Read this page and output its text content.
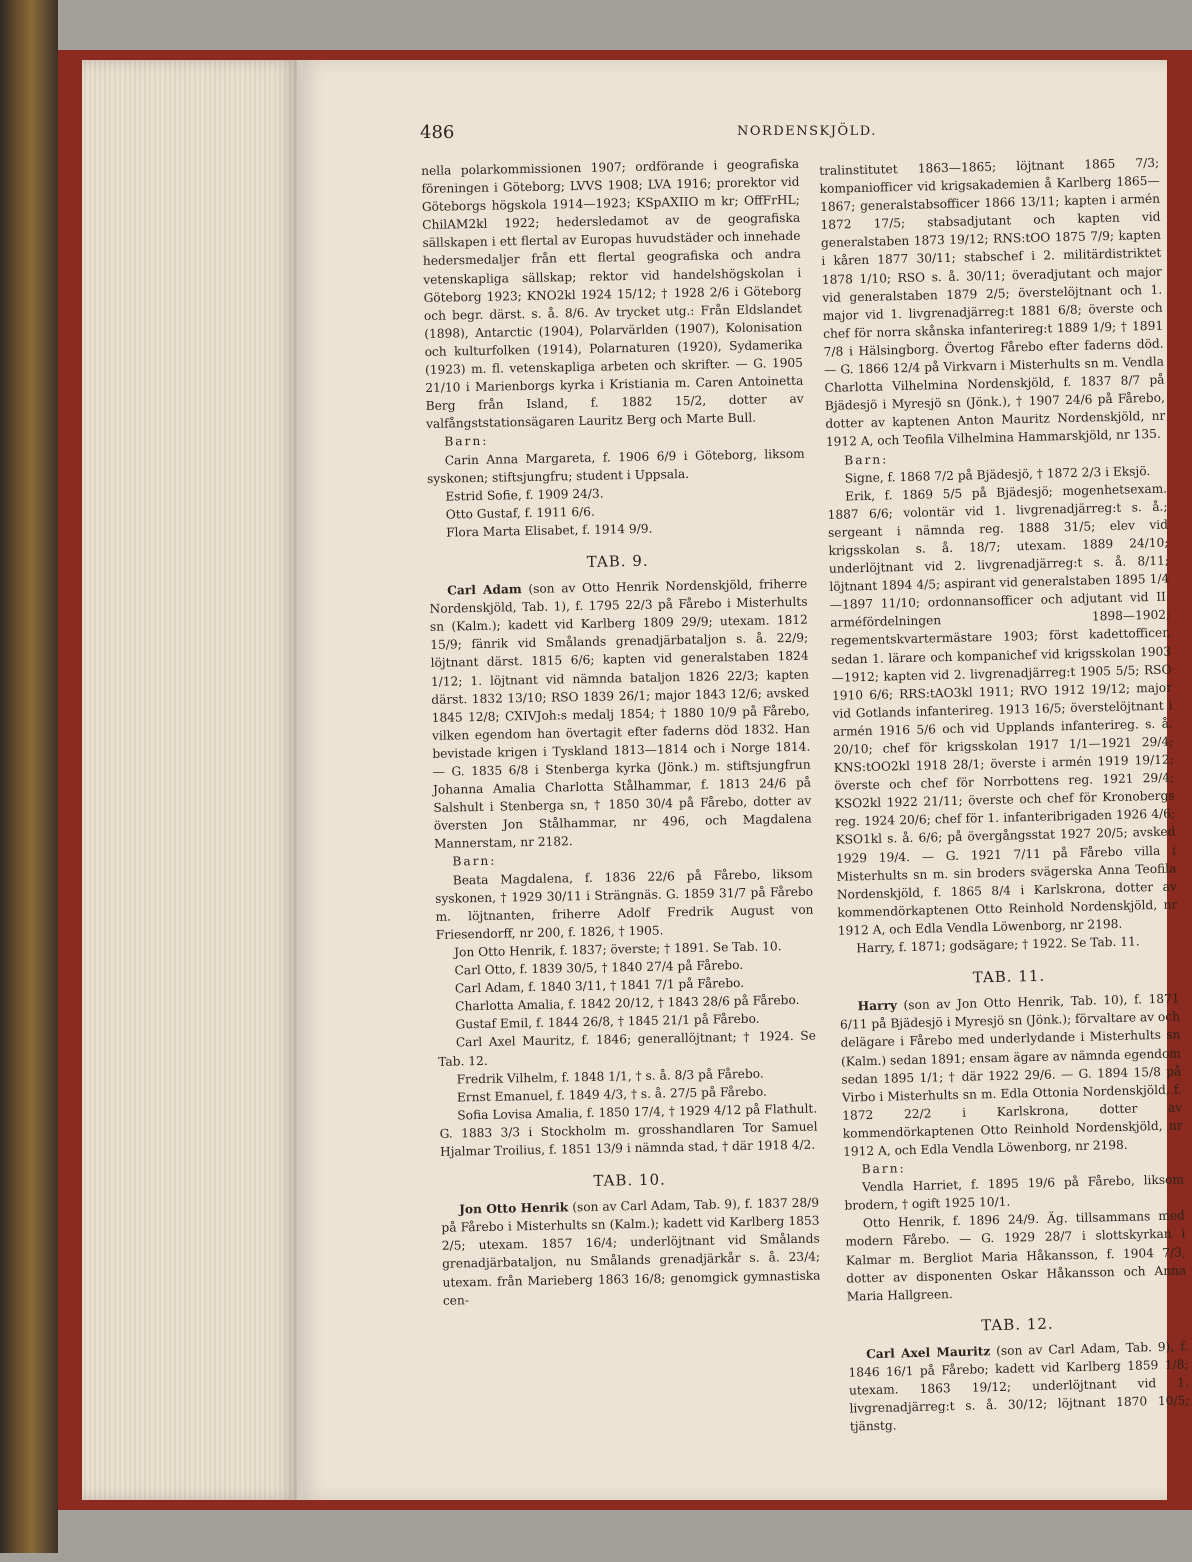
486	NORDENSKJÖLD.

nella polarkommissionen 1907; ordförande i geografiska föreningen i Göteborg; LVVS 1908; LVA 1916; prorektor vid Göteborgs högskola 1914—1923; KSpAXIIO m kr; OffFrHL; ChilAM2kl 1922; hedersledamot av de geografiska sällskapen i ett flertal av Europas huvudstäder och innehade hedersmedaljer från ett flertal geografiska och andra vetenskapliga sällskap; rektor vid handelshögskolan i Göteborg 1923; KNO2kl 1924 15/12; † 1928 2/6 i Göteborg och begr. därst. s. å. 8/6. Av trycket utg.: Från Eldslandet (1898), Antarctic (1904), Polarvärlden (1907), Kolonisation och kulturfolken (1914), Polarnaturen (1920), Sydamerika (1923) m. fl. vetenskapliga arbeten och skrifter. — G. 1905 21/10 i Marienborgs kyrka i Kristiania m. Caren Antoinetta Berg från Island, f. 1882 15/2, dotter av valfångststationsägaren Lauritz Berg och Marte Bull.

Barn:

Carin Anna Margareta, f. 1906 6/9 i Göteborg, liksom syskonen; stiftsjungfru; student i Uppsala.

Estrid Sofie, f. 1909 24/3.

Otto Gustaf, f. 1911 6/6.

Flora Marta Elisabet, f. 1914 9/9.

TAB. 9.

Carl Adam (son av Otto Henrik Nordenskjöld, friherre Nordenskjöld, Tab. 1), f. 1795 22/3 på Fårebo i Misterhults sn (Kalm.); kadett vid Karlberg 1809 29/9; utexam. 1812 15/9; fänrik vid Smålands grenadjärbataljon s. å. 22/9; löjtnant därst. 1815 6/6; kapten vid generalstaben 1824 1/12; 1. löjtnant vid nämnda bataljon 1826 22/3; kapten därst. 1832 13/10; RSO 1839 26/1; major 1843 12/6; avsked 1845 12/8; CXIVJoh:s medalj 1854; † 1880 10/9 på Fårebo, vilken egendom han övertagit efter faderns död 1832. Han bevistade krigen i Tyskland 1813—1814 och i Norge 1814. — G. 1835 6/8 i Stenberga kyrka (Jönk.) m. stiftsjungfrun Johanna Amalia Charlotta Stålhammar, f. 1813 24/6 på Salshult i Stenberga sn, † 1850 30/4 på Fårebo, dotter av översten Jon Stålhammar, nr 496, och Magdalena Mannerstam, nr 2182.

Barn:

Beata Magdalena, f. 1836 22/6 på Fårebo, liksom syskonen, † 1929 30/11 i Strängnäs. G. 1859 31/7 på Fårebo m. löjtnanten, friherre Adolf Fredrik August von Friesendorff, nr 200, f. 1826, † 1905.

Jon Otto Henrik, f. 1837; överste; † 1891. Se Tab. 10.

Carl Otto, f. 1839 30/5, † 1840 27/4 på Fårebo.

Carl Adam, f. 1840 3/11, † 1841 7/1 på Fårebo.

Charlotta Amalia, f. 1842 20/12, † 1843 28/6 på Fårebo.

Gustaf Emil, f. 1844 26/8, † 1845 21/1 på Fårebo.

Carl Axel Mauritz, f. 1846; generallöjtnant; † 1924. Se Tab. 12.

Fredrik Vilhelm, f. 1848 1/1, † s. å. 8/3 på Fårebo.

Ernst Emanuel, f. 1849 4/3, † s. å. 27/5 på Fårebo.

Sofia Lovisa Amalia, f. 1850 17/4, † 1929 4/12 på Flathult. G. 1883 3/3 i Stockholm m. grosshandlaren Tor Samuel Hjalmar Troilius, f. 1851 13/9 i nämnda stad, † där 1918 4/2.

TAB. 10.

Jon Otto Henrik (son av Carl Adam, Tab. 9), f. 1837 28/9 på Fårebo i Misterhults sn (Kalm.); kadett vid Karlberg 1853 2/5; utexam. 1857 16/4; underlöjtnant vid Smålands grenadjärbataljon, nu Smålands grenadjärkår s. å. 23/4; utexam. från Marieberg 1863 16/8; genomgick gymnastiska cen-

tralinstitutet 1863—1865; löjtnant 1865 7/3; kompaniofficer vid krigsakademien å Karlberg 1865—1867; generalstabsofficer 1866 13/11; kapten i armén 1872 17/5; stabsadjutant och kapten vid generalstaben 1873 19/12; RNS:tOO 1875 7/9; kapten i kåren 1877 30/11; stabschef i 2. militärdistriktet 1878 1/10; RSO s. å. 30/11; överadjutant och major vid generalstaben 1879 2/5; överstelöjtnant och 1. major vid 1. livgrenadjärreg:t 1881 6/8; överste och chef för norra skånska infanterireg:t 1889 1/9; † 1891 7/8 i Hälsingborg. Övertog Fårebo efter faderns död. — G. 1866 12/4 på Virkvarn i Misterhults sn m. Vendla Charlotta Vilhelmina Nordenskjöld, f. 1837 8/7 på Bjädesjö i Myresjö sn (Jönk.), † 1907 24/6 på Fårebo, dotter av kaptenen Anton Mauritz Nordenskjöld, nr 1912 A, och Teofila Vilhelmina Hammarskjöld, nr 135.

Barn:

Signe, f. 1868 7/2 på Bjädesjö, † 1872 2/3 i Eksjö.

Erik, f. 1869 5/5 på Bjädesjö; mogenhetsexam. 1887 6/6; volontär vid 1. livgrenadjärreg:t s. å.; sergeant i nämnda reg. 1888 31/5; elev vid krigsskolan s. å. 18/7; utexam. 1889 24/10; underlöjtnant vid 2. livgrenadjärreg:t s. å. 8/11; löjtnant 1894 4/5; aspirant vid generalstaben 1895 1/4—1897 11/10; ordonnansofficer och adjutant vid II. arméfördelningen 1898—1902; regementskvartermästare 1903; först kadettofficer, sedan 1. lärare och kompanichef vid krigsskolan 1903—1912; kapten vid 2. livgrenadjärreg:t 1905 5/5; RSO 1910 6/6; RRS:tAO3kl 1911; RVO 1912 19/12; major vid Gotlands infanterireg. 1913 16/5; överstelöjtnant i armén 1916 5/6 och vid Upplands infanterireg. s. å. 20/10; chef för krigsskolan 1917 1/1—1921 29/4; KNS:tOO2kl 1918 28/1; överste i armén 1919 19/12; överste och chef för Norrbottens reg. 1921 29/4; KSO2kl 1922 21/11; överste och chef för Kronobergs reg. 1924 20/6; chef för 1. infanteribrigaden 1926 4/6; KSO1kl s. å. 6/6; på övergångsstat 1927 20/5; avsked 1929 19/4. — G. 1921 7/11 på Fårebo villa i Misterhults sn m. sin broders svägerska Anna Teofila Nordenskjöld, f. 1865 8/4 i Karlskrona, dotter av kommendörkaptenen Otto Reinhold Nordenskjöld, nr 1912 A, och Edla Vendla Löwenborg, nr 2198.

Harry, f. 1871; godsägare; † 1922. Se Tab. 11.

TAB. 11.

Harry (son av Jon Otto Henrik, Tab. 10), f. 1871 6/11 på Bjädesjö i Myresjö sn (Jönk.); förvaltare av och delägare i Fårebo med underlydande i Misterhults sn (Kalm.) sedan 1891; ensam ägare av nämnda egendom sedan 1895 1/1; † där 1922 29/6. — G. 1894 15/8 på Virbo i Misterhults sn m. Edla Ottonia Nordenskjöld, f. 1872 22/2 i Karlskrona, dotter av kommendörkaptenen Otto Reinhold Nordenskjöld, nr 1912 A, och Edla Vendla Löwenborg, nr 2198.

Barn:

Vendla Harriet, f. 1895 19/6 på Fårebo, liksom brodern, † ogift 1925 10/1.

Otto Henrik, f. 1896 24/9. Äg. tillsammans med modern Fårebo. — G. 1929 28/7 i slottskyrkan i Kalmar m. Bergliot Maria Håkansson, f. 1904 7/3, dotter av disponenten Oskar Håkansson och Anna Maria Hallgreen.

TAB. 12.

Carl Axel Mauritz (son av Carl Adam, Tab. 9), f. 1846 16/1 på Fårebo; kadett vid Karlberg 1859 1/8; utexam. 1863 19/12; underlöjtnant vid 1. livgrenadjärreg:t s. å. 30/12; löjtnant 1870 10/5; tjänstg.
